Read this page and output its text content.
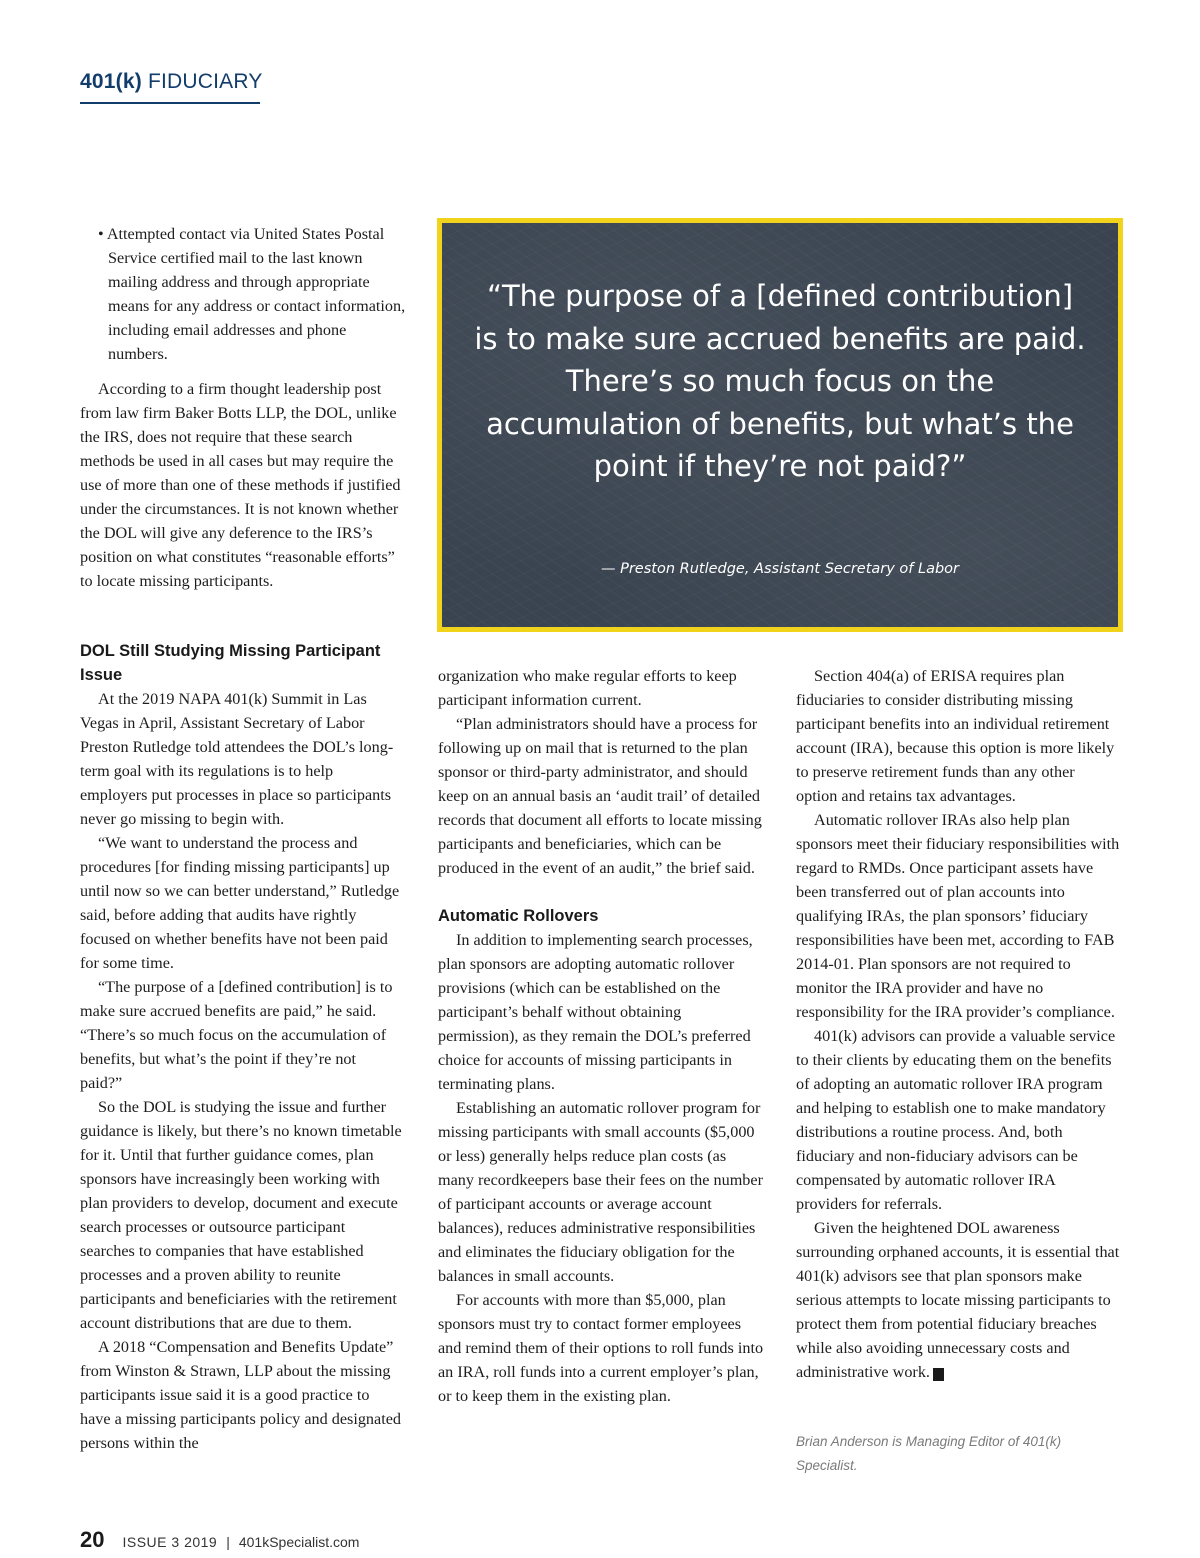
401(k) FIDUCIARY
• Attempted contact via United States Postal Service certified mail to the last known mailing address and through appropriate means for any address or contact information, including email addresses and phone numbers.

According to a firm thought leadership post from law firm Baker Botts LLP, the DOL, unlike the IRS, does not require that these search methods be used in all cases but may require the use of more than one of these methods if justified under the circumstances. It is not known whether the DOL will give any deference to the IRS’s position on what constitutes “reasonable efforts” to locate missing participants.

“The purpose of a [defined contribution] is to make sure accrued benefits are paid. There’s so much focus on the accumulation of benefits, but what’s the point if they’re not paid?”
— Preston Rutledge, Assistant Secretary of Labor

DOL Still Studying Missing Participant Issue

At the 2019 NAPA 401(k) Summit in Las Vegas in April, Assistant Secretary of Labor Preston Rutledge told attendees the DOL’s long-term goal with its regulations is to help employers put processes in place so participants never go missing to begin with.

“We want to understand the process and procedures [for finding missing participants] up until now so we can better understand,” Rutledge said, before adding that audits have rightly focused on whether benefits have not been paid for some time.

“The purpose of a [defined contribution] is to make sure accrued benefits are paid,” he said. “There’s so much focus on the accumulation of benefits, but what’s the point if they’re not paid?”

So the DOL is studying the issue and further guidance is likely, but there’s no known timetable for it. Until that further guidance comes, plan sponsors have increasingly been working with plan providers to develop, document and execute search processes or outsource participant searches to companies that have established processes and a proven ability to reunite participants and beneficiaries with the retirement account distributions that are due to them.

A 2018 “Compensation and Benefits Update” from Winston & Strawn, LLP about the missing participants issue said it is a good practice to have a missing participants policy and designated persons within the

organization who make regular efforts to keep participant information current.

“Plan administrators should have a process for following up on mail that is returned to the plan sponsor or third-party administrator, and should keep on an annual basis an ‘audit trail’ of detailed records that document all efforts to locate missing participants and beneficiaries, which can be produced in the event of an audit,” the brief said.

Automatic Rollovers

In addition to implementing search processes, plan sponsors are adopting automatic rollover provisions (which can be established on the participant’s behalf without obtaining permission), as they remain the DOL’s preferred choice for accounts of missing participants in terminating plans.

Establishing an automatic rollover program for missing participants with small accounts ($5,000 or less) generally helps reduce plan costs (as many recordkeepers base their fees on the number of participant accounts or average account balances), reduces administrative responsibilities and eliminates the fiduciary obligation for the balances in small accounts.

For accounts with more than $5,000, plan sponsors must try to contact former employees and remind them of their options to roll funds into an IRA, roll funds into a current employer’s plan, or to keep them in the existing plan.

Section 404(a) of ERISA requires plan fiduciaries to consider distributing missing participant benefits into an individual retirement account (IRA), because this option is more likely to preserve retirement funds than any other option and retains tax advantages.

Automatic rollover IRAs also help plan sponsors meet their fiduciary responsibilities with regard to RMDs. Once participant assets have been transferred out of plan accounts into qualifying IRAs, the plan sponsors’ fiduciary responsibilities have been met, according to FAB 2014-01. Plan sponsors are not required to monitor the IRA provider and have no responsibility for the IRA provider’s compliance.

401(k) advisors can provide a valuable service to their clients by educating them on the benefits of adopting an automatic rollover IRA program and helping to establish one to make mandatory distributions a routine process. And, both fiduciary and non-fiduciary advisors can be compensated by automatic rollover IRA providers for referrals.

Given the heightened DOL awareness surrounding orphaned accounts, it is essential that 401(k) advisors see that plan sponsors make serious attempts to locate missing participants to protect them from potential fiduciary breaches while also avoiding unnecessary costs and administrative work. K

Brian Anderson is Managing Editor of 401(k) Specialist.
20 ISSUE 3 2019 | 401kSpecialist.com
